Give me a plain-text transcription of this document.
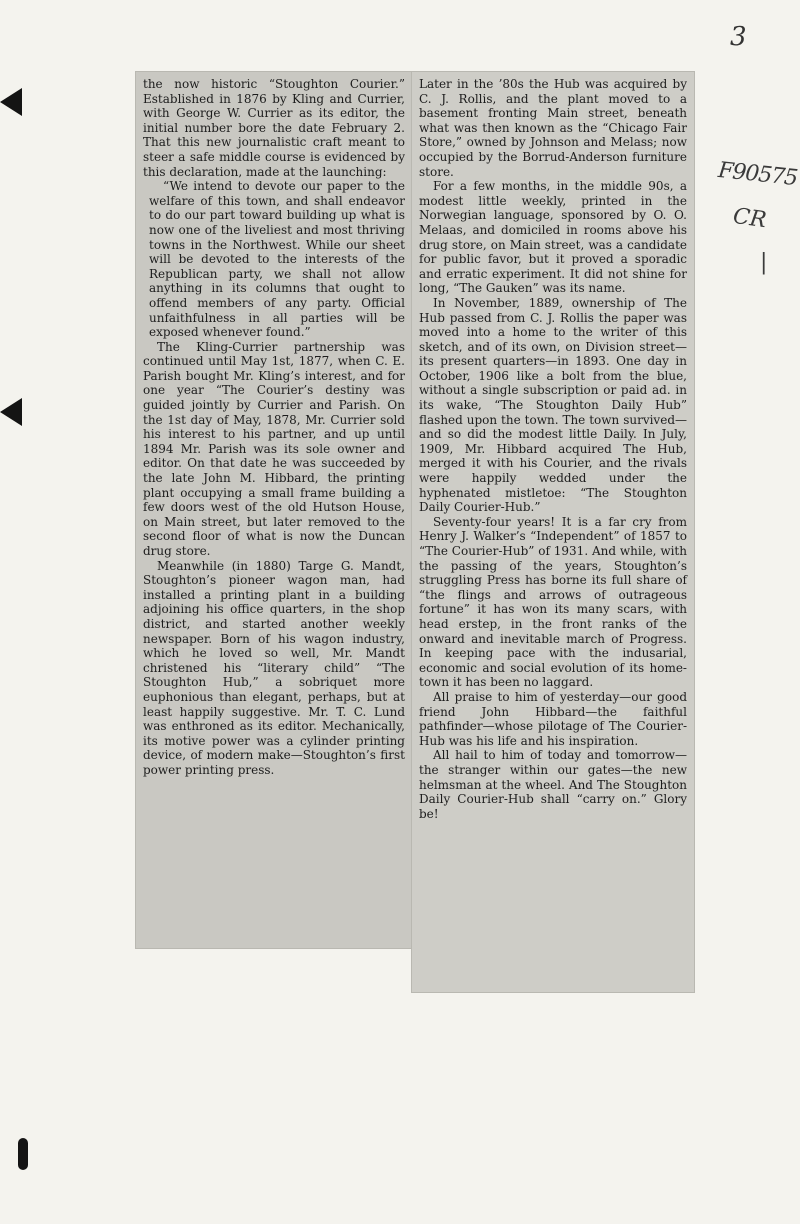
3
F90575
CR
|

the now historic “Stoughton Courier.” Established in 1876 by Kling and Currier, with George W. Currier as its editor, the initial number bore the date February 2. That this new journalistic craft meant to steer a safe middle course is evidenced by this declaration, made at the launching:

“We intend to devote our paper to the welfare of this town, and shall endeavor to do our part toward building up what is now one of the liveliest and most thriving towns in the Northwest. While our sheet will be devoted to the interests of the Republican party, we shall not allow anything in its columns that ought to offend members of any party. Official unfaithfulness in all parties will be exposed whenever found.”

The Kling-Currier partnership was continued until May 1st, 1877, when C. E. Parish bought Mr. Kling’s interest, and for one year “The Courier’s destiny was guided jointly by Currier and Parish. On the 1st day of May, 1878, Mr. Currier sold his interest to his partner, and up until 1894 Mr. Parish was its sole owner and editor. On that date he was succeeded by the late John M. Hibbard, the printing plant occupying a small frame building a few doors west of the old Hutson House, on Main street, but later removed to the second floor of what is now the Duncan drug store.

Meanwhile (in 1880) Targe G. Mandt, Stoughton’s pioneer wagon man, had installed a printing plant in a building adjoining his office quarters, in the shop district, and started another weekly newspaper. Born of his wagon industry, which he loved so well, Mr. Mandt christened his “literary child” “The Stoughton Hub,” a sobriquet more euphonious than elegant, perhaps, but at least happily suggestive. Mr. T. C. Lund was enthroned as its editor. Mechanically, its motive power was a cylinder printing device, of modern make—Stoughton’s first power printing press.

Later in the ’80s the Hub was acquired by C. J. Rollis, and the plant moved to a basement fronting Main street, beneath what was then known as the “Chicago Fair Store,” owned by Johnson and Melass; now occupied by the Borrud-Anderson furniture store.

For a few months, in the middle 90s, a modest little weekly, printed in the Norwegian language, sponsored by O. O. Melaas, and domiciled in rooms above his drug store, on Main street, was a candidate for public favor, but it proved a sporadic and erratic experiment. It did not shine for long, “The Gauken” was its name.

In November, 1889, ownership of The Hub passed from C. J. Rollis the paper was moved into a home to the writer of this sketch, and of its own, on Division street—its present quarters—in 1893. One day in October, 1906 like a bolt from the blue, without a single subscription or paid ad. in its wake, “The Stoughton Daily Hub” flashed upon the town. The town survived—and so did the modest little Daily. In July, 1909, Mr. Hibbard acquired The Hub, merged it with his Courier, and the rivals were happily wedded under the hyphenated mistletoe: “The Stoughton Daily Courier-Hub.”

Seventy-four years! It is a far cry from Henry J. Walker’s “Independent” of 1857 to “The Courier-Hub” of 1931. And while, with the passing of the years, Stoughton’s struggling Press has borne its full share of “the flings and arrows of outrageous fortune” it has won its many scars, with head erstep, in the front ranks of the onward and inevitable march of Progress. In keeping pace with the indusarial, economic and social evolution of its home-town it has been no laggard.

All praise to him of yesterday—our good friend John Hibbard—the faithful pathfinder—whose pilotage of The Courier-Hub was his life and his inspiration.

All hail to him of today and tomorrow—the stranger within our gates—the new helmsman at the wheel. And The Stoughton Daily Courier-Hub shall “carry on.” Glory be!
